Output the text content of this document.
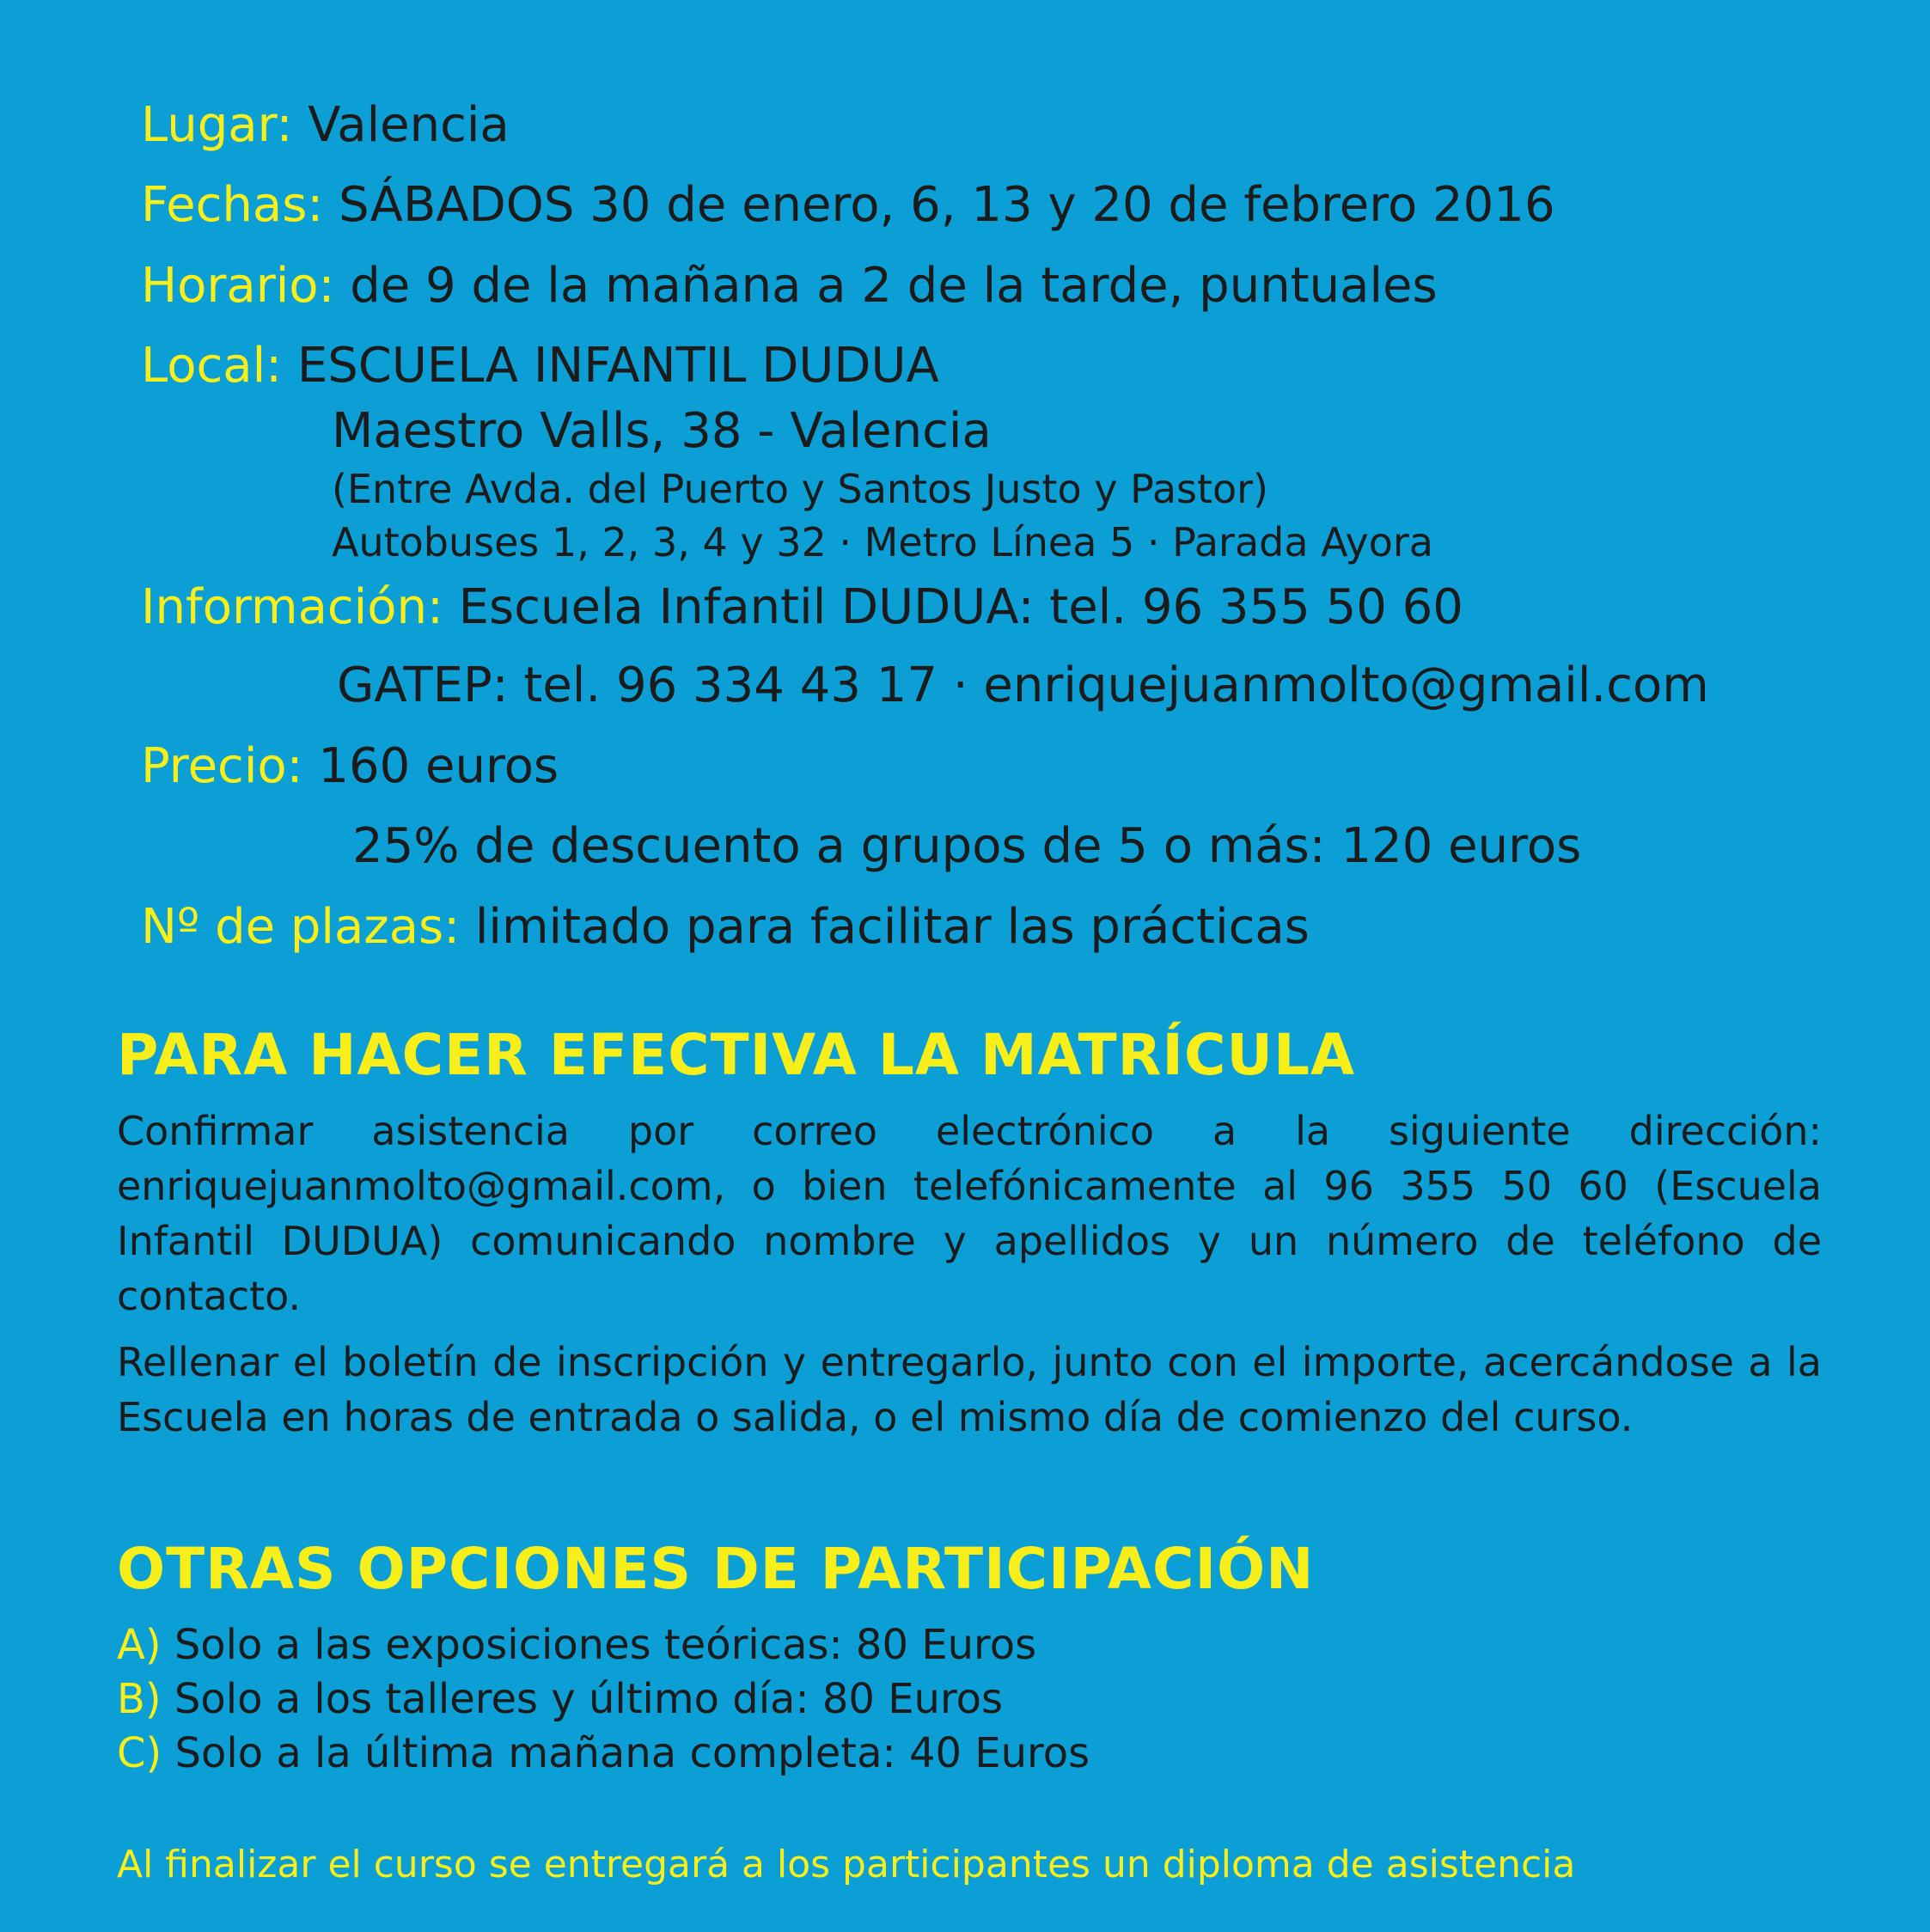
Lugar: Valencia
Fechas: SÁBADOS 30 de enero, 6, 13 y 20 de febrero 2016
Horario: de 9 de la mañana a 2 de la tarde, puntuales
Local: ESCUELA INFANTIL DUDUA
Maestro Valls, 38 - Valencia
(Entre Avda. del Puerto y Santos Justo y Pastor)
Autobuses 1, 2, 3, 4 y 32 · Metro Línea 5 · Parada Ayora
Información: Escuela Infantil DUDUA: tel. 96 355 50 60
GATEP: tel. 96 334 43 17 · enriquejuanmolto@gmail.com
Precio: 160 euros
25% de descuento a grupos de 5 o más: 120 euros
Nº de plazas: limitado para facilitar las prácticas
PARA HACER EFECTIVA LA MATRÍCULA
Confirmar asistencia por correo electrónico a la siguiente dirección: enriquejuanmolto@gmail.com, o bien telefónicamente al 96 355 50 60 (Escuela Infantil DUDUA) comunicando nombre y apellidos y un número de teléfono de contacto.
Rellenar el boletín de inscripción y entregarlo, junto con el importe, acercándose a la Escuela en horas de entrada o salida, o el mismo día de comienzo del curso.
OTRAS OPCIONES DE PARTICIPACIÓN
A) Solo a las exposiciones teóricas: 80 Euros
B) Solo a los talleres y último día: 80 Euros
C) Solo a la última mañana completa: 40 Euros
Al finalizar el curso se entregará a los participantes un diploma de asistencia
